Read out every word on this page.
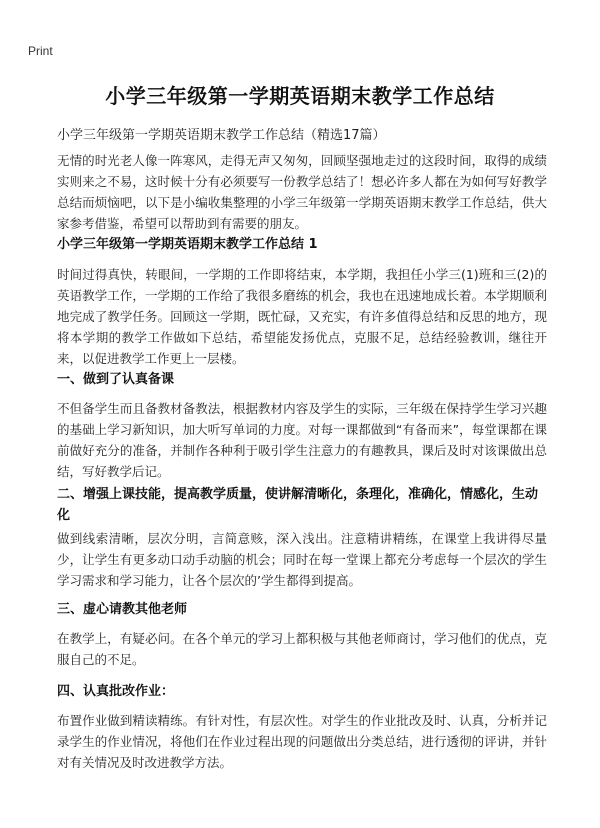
Print
小学三年级第一学期英语期末教学工作总结
小学三年级第一学期英语期末教学工作总结（精选17篇）

无情的时光老人像一阵寒风，走得无声又匆匆，回顾坚强地走过的这段时间，取得的成绩实则来之不易，这时候十分有必须要写一份教学总结了！想必许多人都在为如何写好教学总结而烦恼吧，以下是小编收集整理的小学三年级第一学期英语期末教学工作总结，供大家参考借鉴，希望可以帮助到有需要的朋友。

小学三年级第一学期英语期末教学工作总结 1

时间过得真快，转眼间，一学期的工作即将结束，本学期，我担任小学三(1)班和三(2)的英语教学工作，一学期的工作给了我很多磨练的机会，我也在迅速地成长着。本学期顺利地完成了教学任务。回顾这一学期，既忙碌，又充实，有许多值得总结和反思的地方，现将本学期的教学工作做如下总结，希望能发扬优点，克服不足，总结经验教训，继往开来，以促进教学工作更上一层楼。

一、做到了认真备课

不但备学生而且备教材备教法，根据教材内容及学生的实际，三年级在保持学生学习兴趣的基础上学习新知识，加大听写单词的力度。对每一课都做到“有备而来”，每堂课都在课前做好充分的准备，并制作各种利于吸引学生注意力的有趣教具，课后及时对该课做出总结，写好教学后记。

二、增强上课技能，提高教学质量，使讲解清晰化，条理化，准确化，情感化，生动化

做到线索清晰，层次分明，言简意赅，深入浅出。注意精讲精练，在课堂上我讲得尽量少，让学生有更多动口动手动脑的机会；同时在每一堂课上都充分考虑每一个层次的学生学习需求和学习能力，让各个层次的’学生都得到提高。

三、虚心请教其他老师

在教学上，有疑必问。在各个单元的学习上都积极与其他老师商讨，学习他们的优点，克服自己的不足。

四、认真批改作业：

布置作业做到精读精练。有针对性，有层次性。对学生的作业批改及时、认真，分析并记录学生的作业情况，将他们在作业过程出现的问题做出分类总结，进行透彻的评讲，并针对有关情况及时改进教学方法。
